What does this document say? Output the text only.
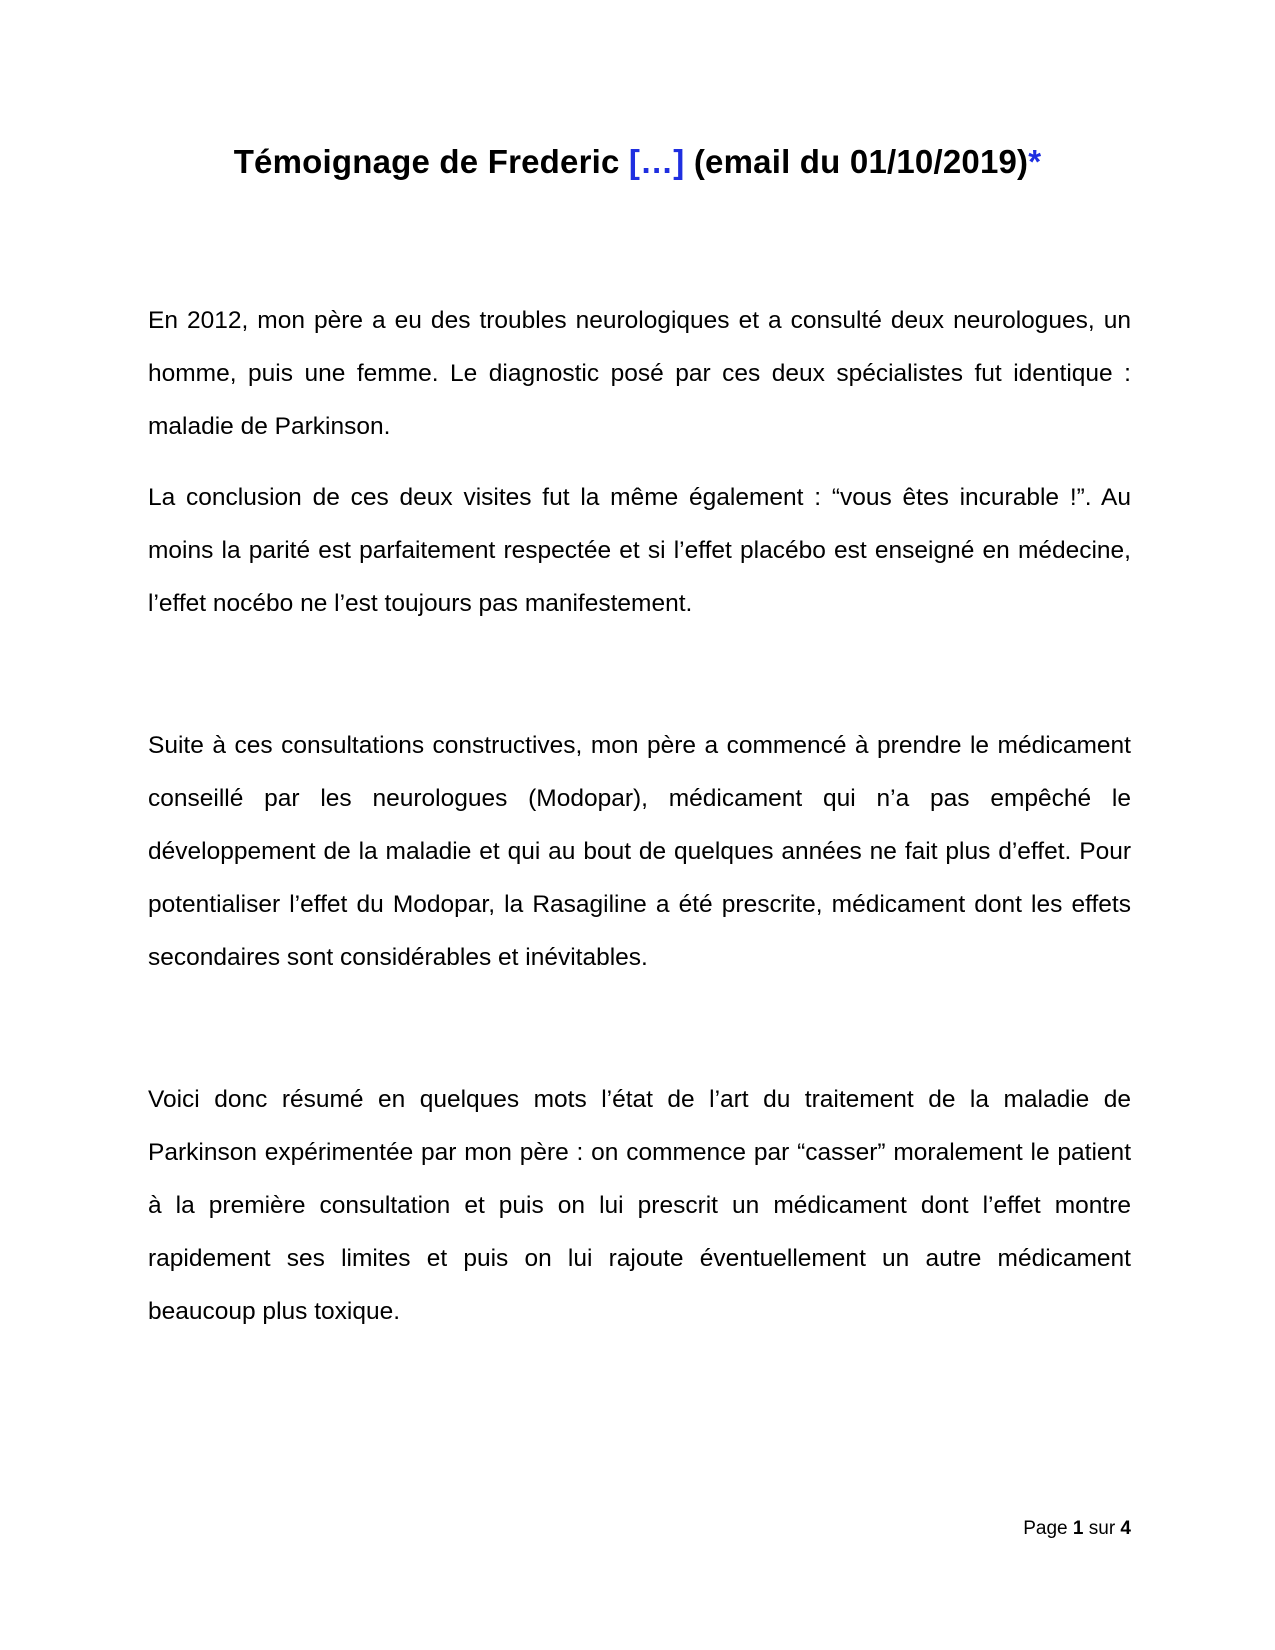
Témoignage de Frederic […] (email du 01/10/2019)*

En 2012, mon père a eu des troubles neurologiques et a consulté deux neurologues, un homme, puis une femme. Le diagnostic posé par ces deux spécialistes fut identique : maladie de Parkinson.

La conclusion de ces deux visites fut la même également : “vous êtes incurable !”. Au moins la parité est parfaitement respectée et si l’effet placébo est enseigné en médecine, l’effet nocébo ne l’est toujours pas manifestement.

Suite à ces consultations constructives, mon père a commencé à prendre le médicament conseillé par les neurologues (Modopar), médicament qui n’a pas empêché le développement de la maladie et qui au bout de quelques années ne fait plus d’effet. Pour potentialiser l’effet du Modopar, la Rasagiline a été prescrite, médicament dont les effets secondaires sont considérables et inévitables.

Voici donc résumé en quelques mots l’état de l’art du traitement de la maladie de Parkinson expérimentée par mon père : on commence par “casser” moralement le patient à la première consultation et puis on lui prescrit un médicament dont l’effet montre rapidement ses limites et puis on lui rajoute éventuellement un autre médicament beaucoup plus toxique.

Page 1 sur 4
